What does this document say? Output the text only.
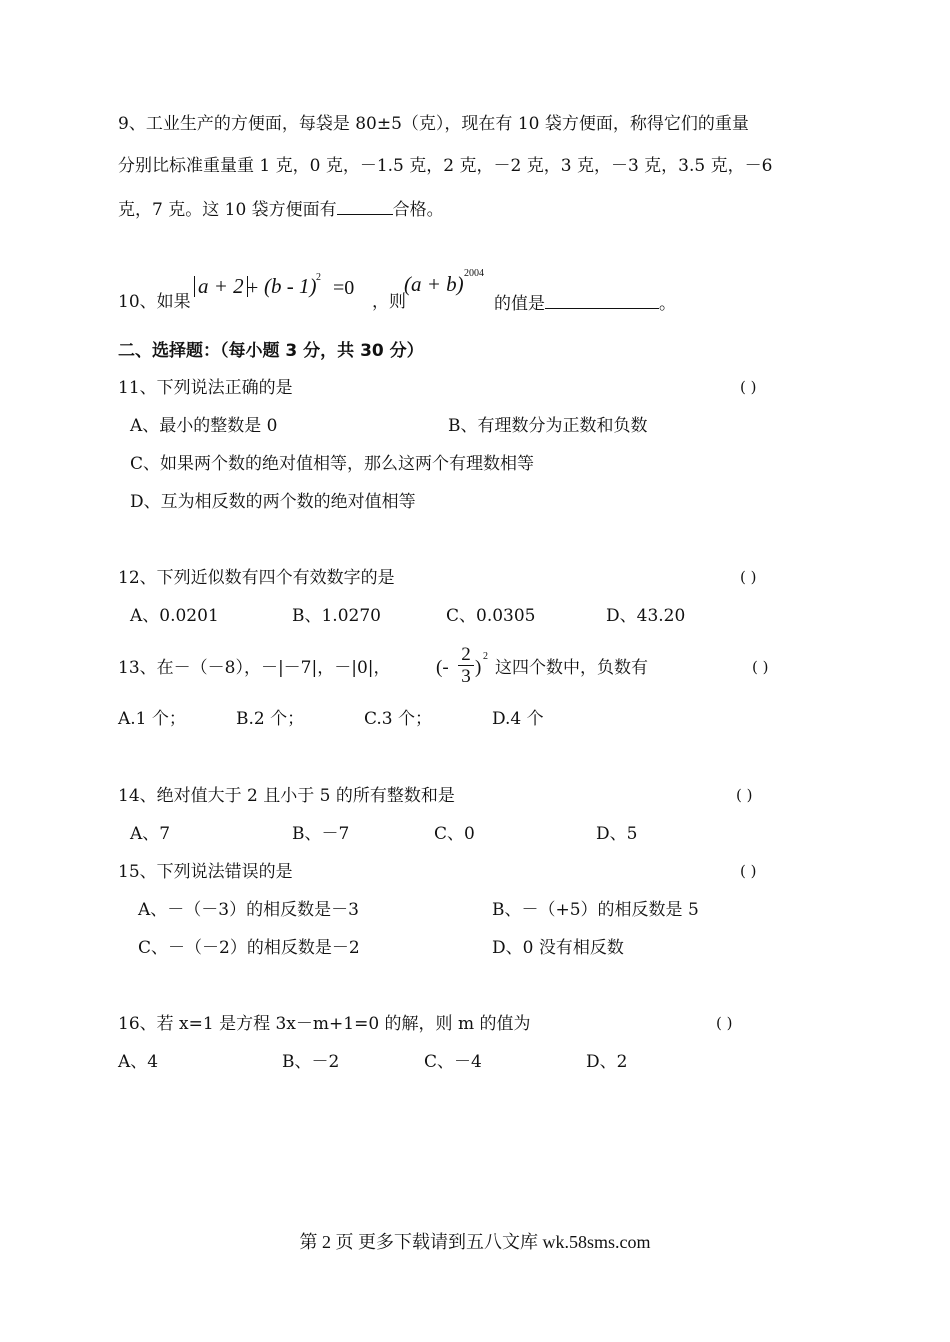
9、工业生产的方便面，每袋是 80±5（克），现在有 10 袋方便面，称得它们的重量
分别比标准重量重 1 克，0 克，－1.5 克，2 克，－2 克，3 克，－3 克，3.5 克，－6
克，7 克。这 10 袋方便面有	合格。
10、如果
a + 2 + (b - 1) 2 =0
，则
(a + b) 2004
的值是	。
二、选择题：（每小题 3 分，共 30 分）
11、下列说法正确的是	( )
A、最小的整数是 0	B、有理数分为正数和负数
C、如果两个数的绝对值相等，那么这两个有理数相等
D、互为相反数的两个数的绝对值相等
12、下列近似数有四个有效数字的是	( )
A、0.0201	B、1.0270	C、0.0305	D、43.20
13、在－（－8），－|－7|，－|0|， (- $\frac{2}{3}$ )
2
这四个数中，负数有	( )
A.1 个；	B.2 个；	C.3 个；	D.4 个
14、绝对值大于 2 且小于 5 的所有整数和是	( )
A、7	B、－7	C、0	D、5
15、下列说法错误的是	( )
A、－（－3）的相反数是－3	B、－（+5）的相反数是 5
C、－（－2）的相反数是－2	D、0 没有相反数
16、若 x=1 是方程 3x－m+1=0 的解，则 m 的值为	( )
A、4	B、－2	C、－4	D、2
第 2 页 更多下载请到五八文库 wk.58sms.com
